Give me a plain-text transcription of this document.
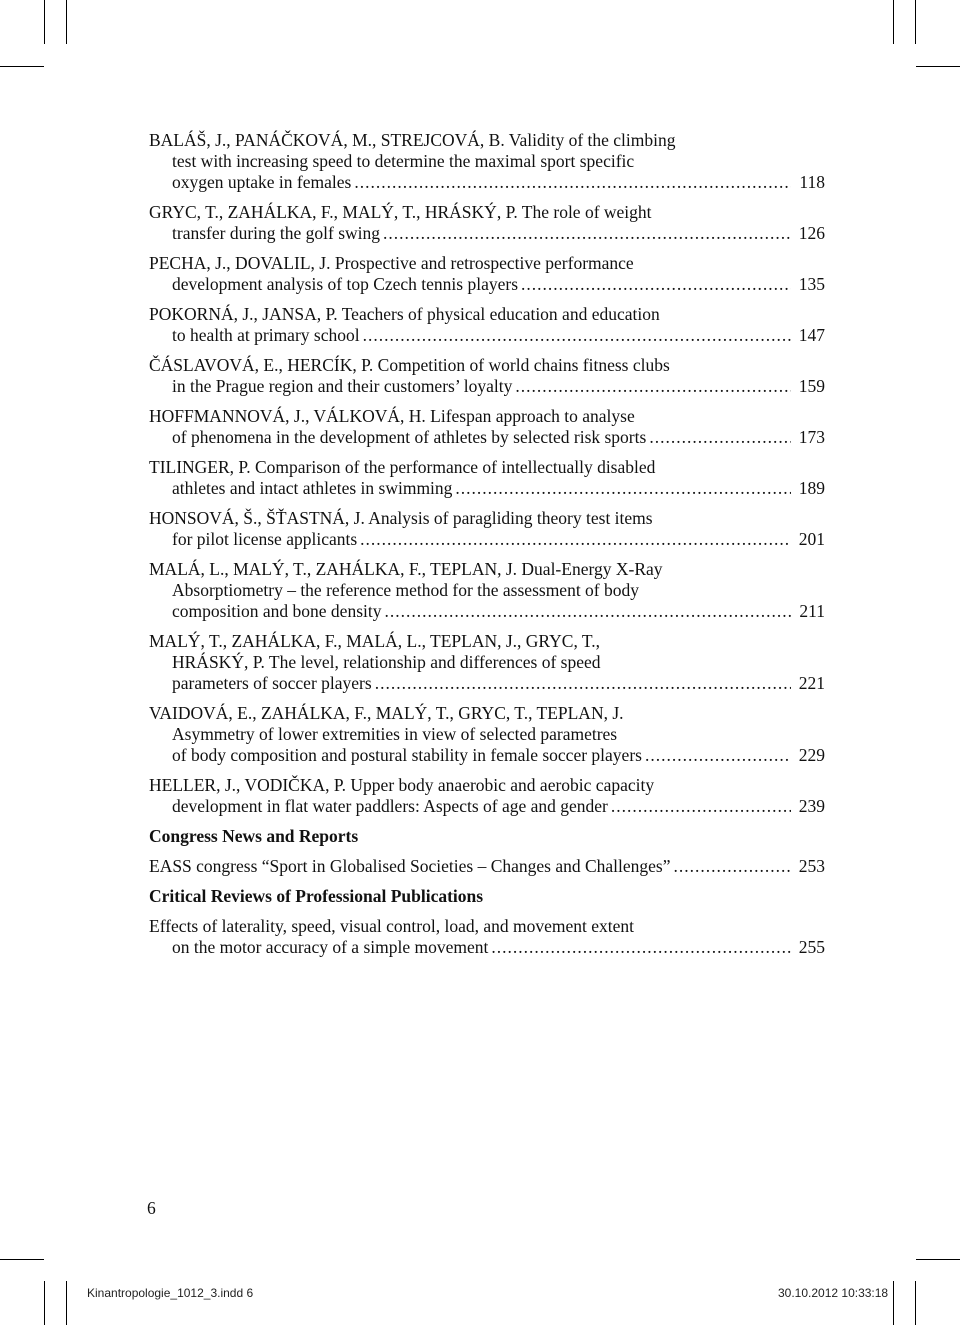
BALÁŠ, J., PANÁČKOVÁ, M., STREJCOVÁ, B. Validity of the climbing
test with increasing speed to determine the maximal sport specific
oxygen uptake in females .....	118
GRYC, T., ZAHÁLKA, F., MALÝ, T., HRÁSKÝ, P. The role of weight
transfer during the golf swing .....	126
PECHA, J., DOVALIL, J. Prospective and retrospective performance
development analysis of top Czech tennis players .....	135
POKORNÁ, J., JANSA, P. Teachers of physical education and education
to health at primary school .....	147
ČÁSLAVOVÁ, E., HERCÍK, P. Competition of world chains fitness clubs
in the Prague region and their customers’ loyalty .....	159
HOFFMANNOVÁ, J., VÁLKOVÁ, H. Lifespan approach to analyse
of phenomena in the development of athletes by selected risk sports .....	173
TILINGER, P. Comparison of the performance of intellectually disabled
athletes and intact athletes in swimming .....	189
HONSOVÁ, Š., ŠŤASTNÁ, J. Analysis of paragliding theory test items
for pilot license applicants .....	201
MALÁ, L., MALÝ, T., ZAHÁLKA, F., TEPLAN, J. Dual-Energy X-Ray
Absorptiometry – the reference method for the assessment of body
composition and bone density .....	211
MALÝ, T., ZAHÁLKA, F., MALÁ, L., TEPLAN, J., GRYC, T.,
HRÁSKÝ, P. The level, relationship and differences of speed
parameters of soccer players .....	221
VAIDOVÁ, E., ZAHÁLKA, F., MALÝ, T., GRYC, T., TEPLAN, J.
Asymmetry of lower extremities in view of selected parametres
of body composition and postural stability in female soccer players .....	229
HELLER, J., VODIČKA, P. Upper body anaerobic and aerobic capacity
development in flat water paddlers: Aspects of age and gender .....	239
Congress News and Reports
EASS congress “Sport in Globalised Societies – Changes and Challenges” .....	253
Critical Reviews of Professional Publications
Effects of laterality, speed, visual control, load, and movement extent
on the motor accuracy of a simple movement .....	255
6
Kinantropologie_1012_3.indd 6	30.10.2012 10:33:18
